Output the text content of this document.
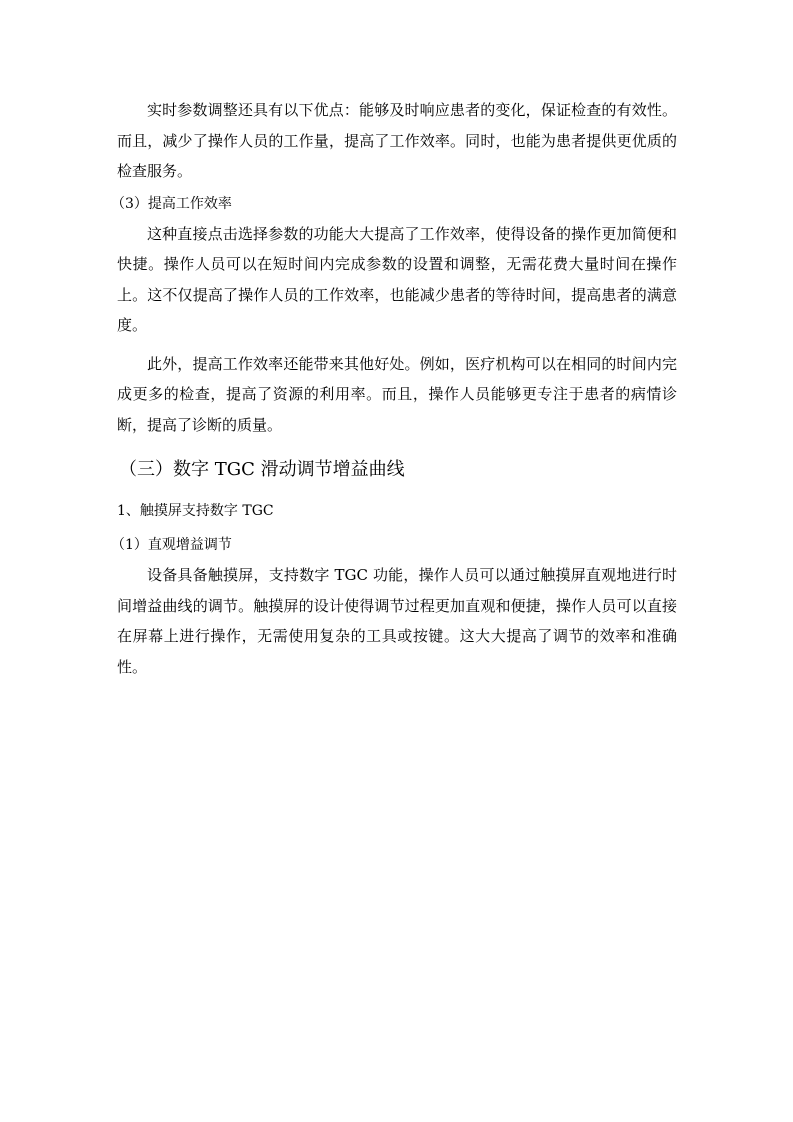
实时参数调整还具有以下优点：能够及时响应患者的变化，保证检查的有效性。而且，减少了操作人员的工作量，提高了工作效率。同时，也能为患者提供更优质的检查服务。

（3）提高工作效率

这种直接点击选择参数的功能大大提高了工作效率，使得设备的操作更加简便和快捷。操作人员可以在短时间内完成参数的设置和调整，无需花费大量时间在操作上。这不仅提高了操作人员的工作效率，也能减少患者的等待时间，提高患者的满意度。

此外，提高工作效率还能带来其他好处。例如，医疗机构可以在相同的时间内完成更多的检查，提高了资源的利用率。而且，操作人员能够更专注于患者的病情诊断，提高了诊断的质量。

（三）数字 TGC 滑动调节增益曲线
1、触摸屏支持数字 TGC
（1）直观增益调节

设备具备触摸屏，支持数字 TGC 功能，操作人员可以通过触摸屏直观地进行时间增益曲线的调节。触摸屏的设计使得调节过程更加直观和便捷，操作人员可以直接在屏幕上进行操作，无需使用复杂的工具或按键。这大大提高了调节的效率和准确性。
